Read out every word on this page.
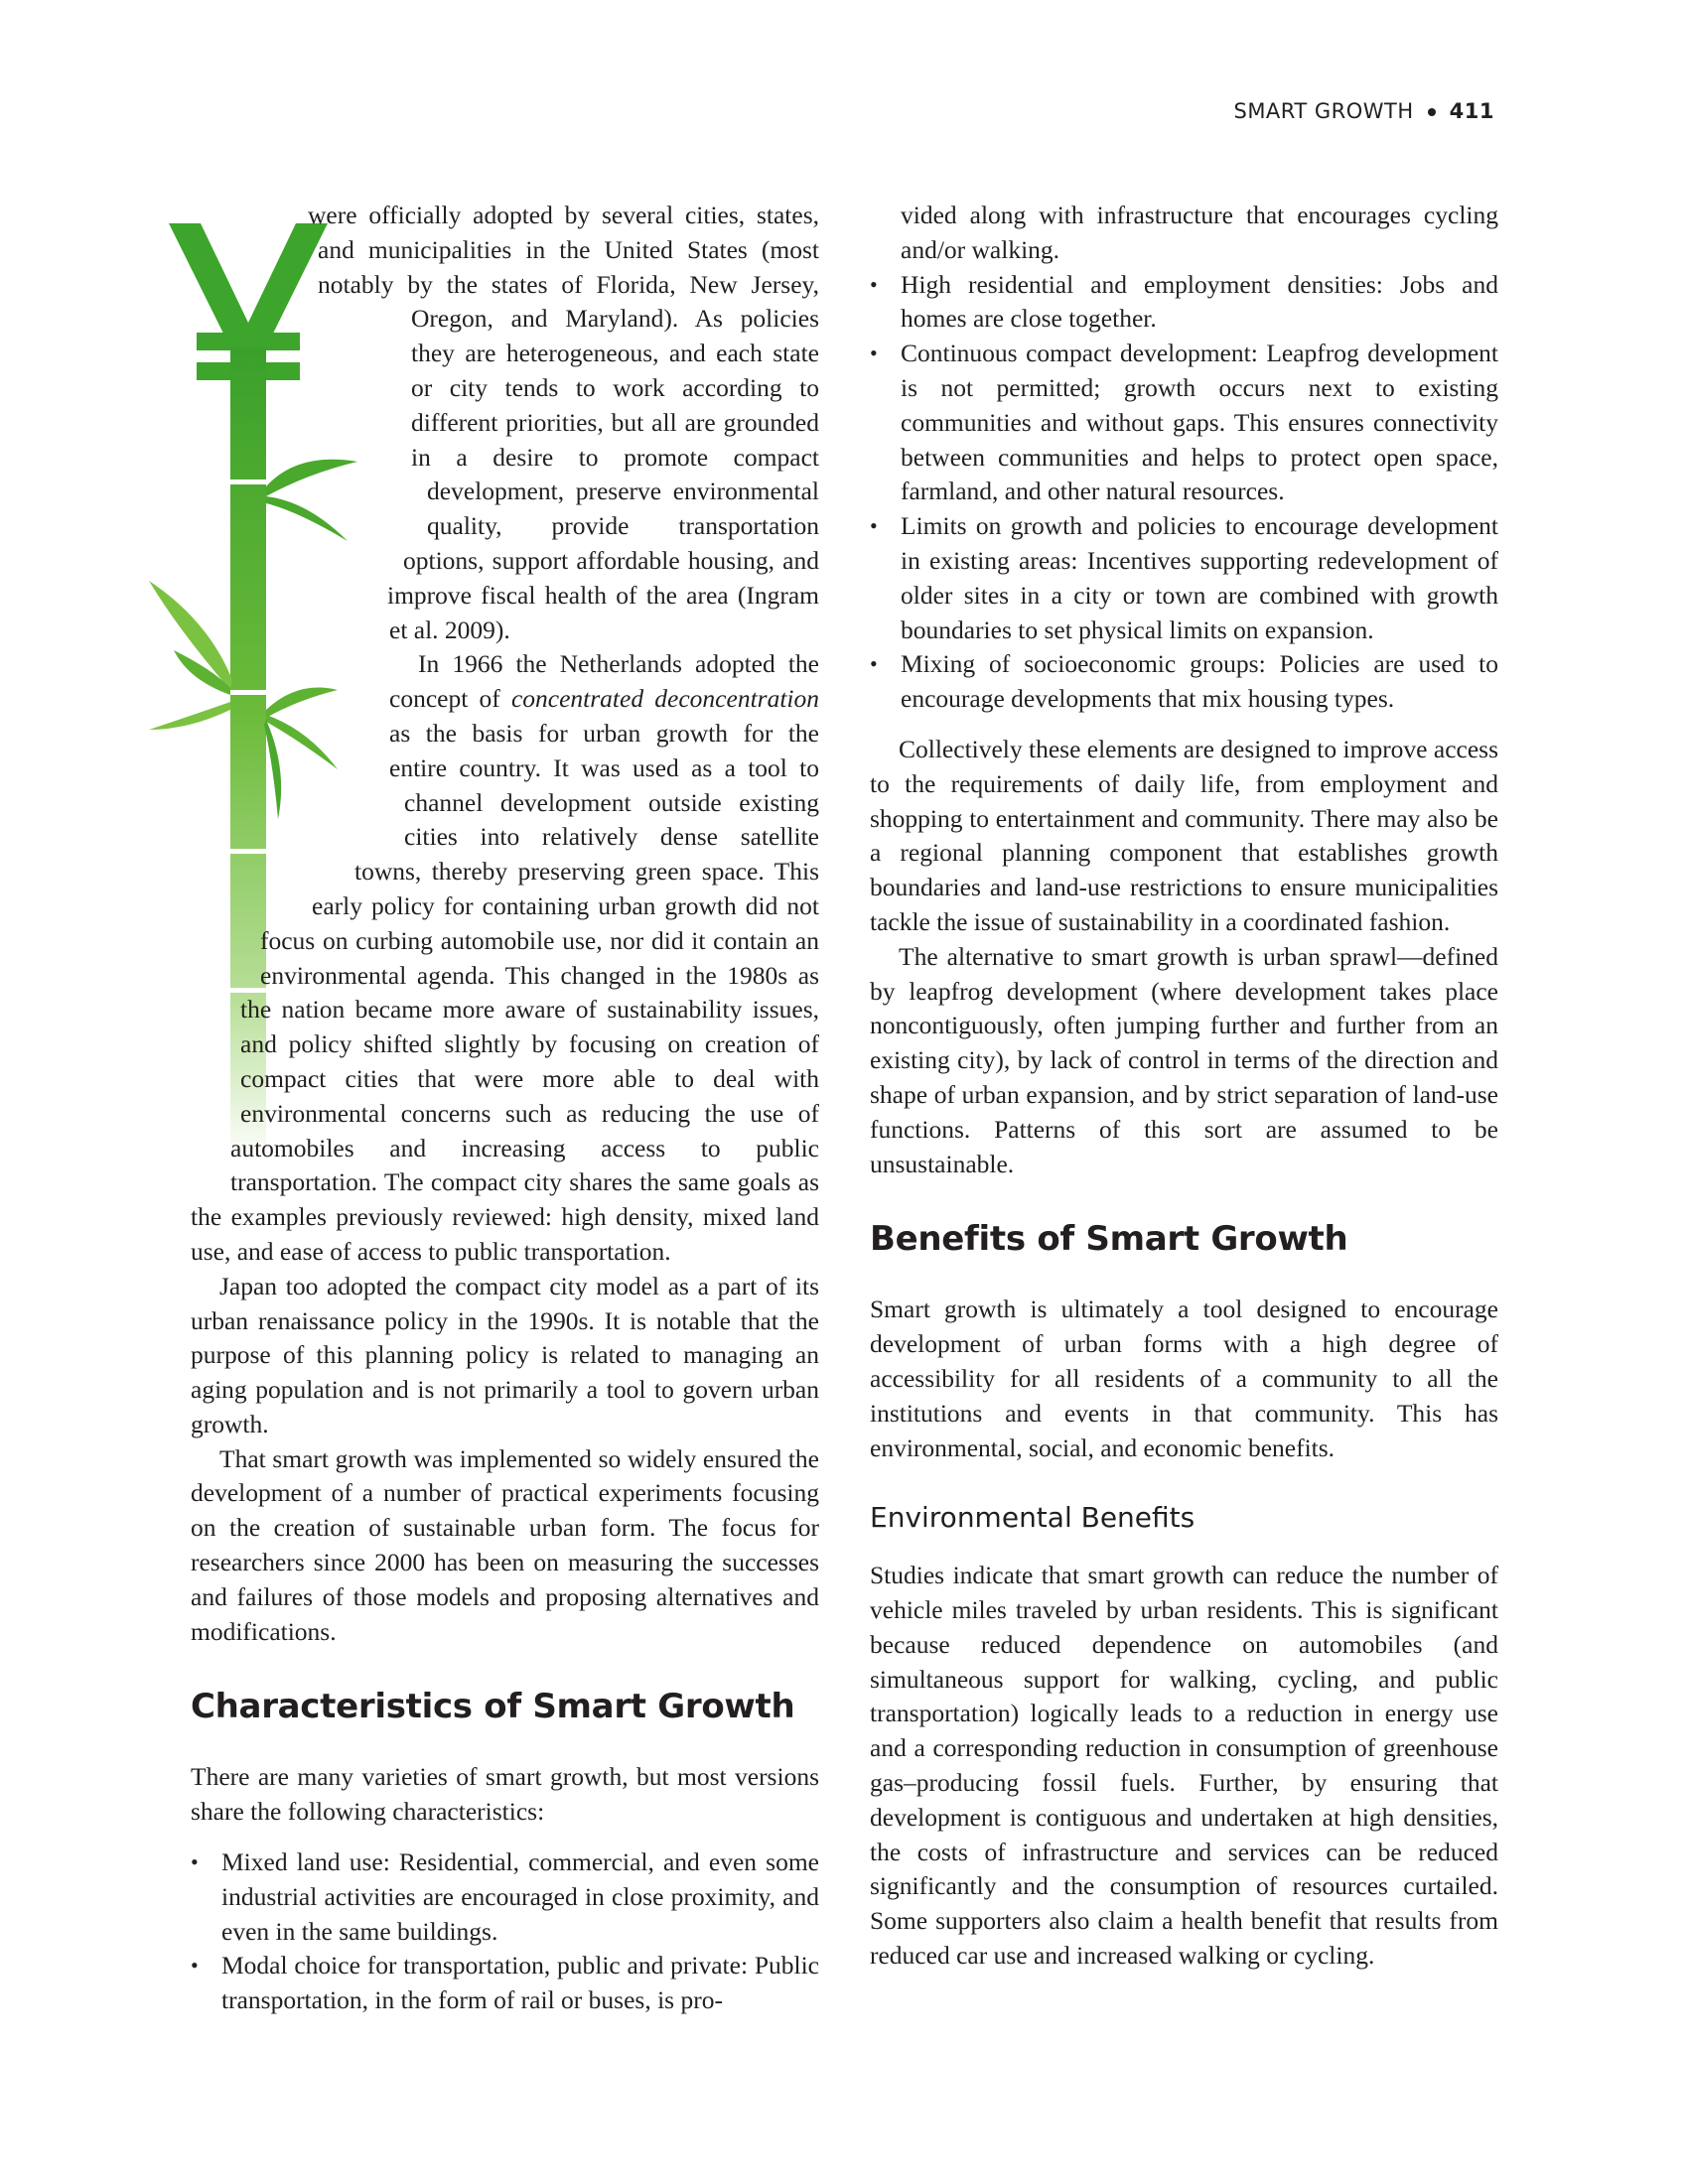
SMART GROWTH 411

were officially adopted by several cities, states, and municipalities in the United States (most notably by the states of Florida, New Jersey, Oregon, and Maryland). As policies they are heterogeneous, and each state or city tends to work according to different priorities, but all are grounded in a desire to promote compact development, preserve environmental quality, provide transportation options, support affordable housing, and improve fiscal health of the area (Ingram et al. 2009).

In 1966 the Netherlands adopted the concept of concentrated deconcentration as the basis for urban growth for the entire country. It was used as a tool to channel development outside existing cities into relatively dense satellite towns, thereby preserving green space. This early policy for containing urban growth did not focus on curbing automobile use, nor did it contain an environmental agenda. This changed in the 1980s as the nation became more aware of sustainability issues, and policy shifted slightly by focusing on creation of compact cities that were more able to deal with environmental concerns such as reducing the use of automobiles and increasing access to public transportation. The compact city shares the same goals as the examples previously reviewed: high density, mixed land use, and ease of access to public transportation.

Japan too adopted the compact city model as a part of its urban renaissance policy in the 1990s. It is notable that the purpose of this planning policy is related to managing an aging population and is not primarily a tool to govern urban growth.

That smart growth was implemented so widely ensured the development of a number of practical experiments focusing on the creation of sustainable urban form. The focus for researchers since 2000 has been on measuring the successes and failures of those models and proposing alternatives and modifications.

Characteristics of Smart Growth

There are many varieties of smart growth, but most versions share the following characteristics:

• Mixed land use: Residential, commercial, and even some industrial activities are encouraged in close proximity, and even in the same buildings.
• Modal choice for transportation, public and private: Public transportation, in the form of rail or buses, is pro-

vided along with infrastructure that encourages cycling and/or walking.

• High residential and employment densities: Jobs and homes are close together.
• Continuous compact development: Leapfrog development is not permitted; growth occurs next to existing communities and without gaps. This ensures connectivity between communities and helps to protect open space, farmland, and other natural resources.
• Limits on growth and policies to encourage development in existing areas: Incentives supporting redevelopment of older sites in a city or town are combined with growth boundaries to set physical limits on expansion.
• Mixing of socioeconomic groups: Policies are used to encourage developments that mix housing types.

Collectively these elements are designed to improve access to the requirements of daily life, from employment and shopping to entertainment and community. There may also be a regional planning component that establishes growth boundaries and land-use restrictions to ensure municipalities tackle the issue of sustainability in a coordinated fashion.

The alternative to smart growth is urban sprawl—defined by leapfrog development (where development takes place noncontiguously, often jumping further and further from an existing city), by lack of control in terms of the direction and shape of urban expansion, and by strict separation of land-use functions. Patterns of this sort are assumed to be unsustainable.

Benefits of Smart Growth

Smart growth is ultimately a tool designed to encourage development of urban forms with a high degree of accessibility for all residents of a community to all the institutions and events in that community. This has environmental, social, and economic benefits.

Environmental Benefits

Studies indicate that smart growth can reduce the number of vehicle miles traveled by urban residents. This is significant because reduced dependence on automobiles (and simultaneous support for walking, cycling, and public transportation) logically leads to a reduction in energy use and a corresponding reduction in consumption of greenhouse gas–producing fossil fuels. Further, by ensuring that development is contiguous and undertaken at high densities, the costs of infrastructure and services can be reduced significantly and the consumption of resources curtailed. Some supporters also claim a health benefit that results from reduced car use and increased walking or cycling.
